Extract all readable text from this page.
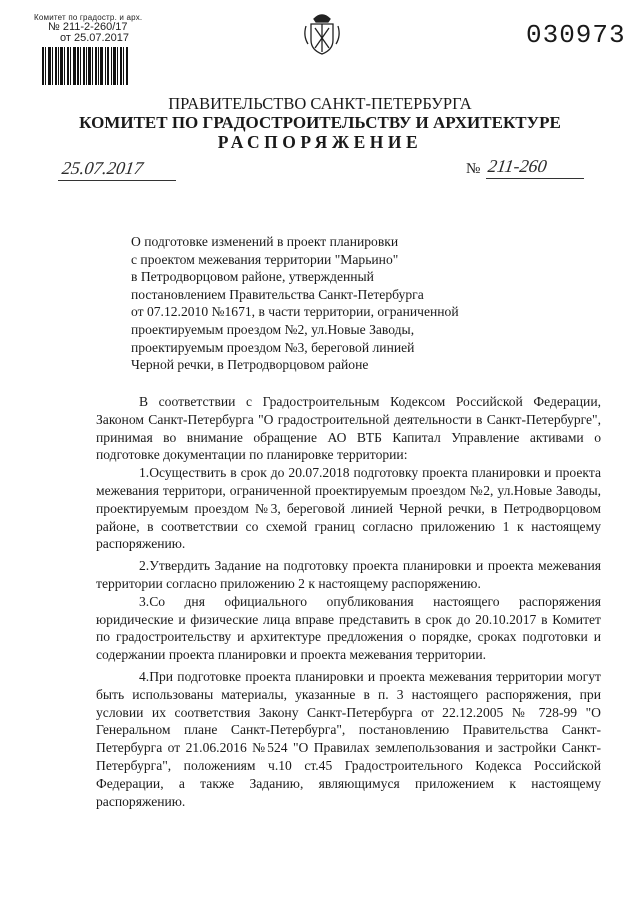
Комитет по градостр. и арх.
№ 211-2-260/17
от 25.07.2017	030973
ПРАВИТЕЛЬСТВО САНКТ-ПЕТЕРБУРГА
КОМИТЕТ ПО ГРАДОСТРОИТЕЛЬСТВУ И АРХИТЕКТУРЕ
РАСПОРЯЖЕНИЕ
25.07.2017	№ 211-260
О подготовке изменений в проект планировки
с проектом межевания территории "Марьино"
в Петродворцовом районе, утвержденный
постановлением Правительства Санкт-Петербурга
от 07.12.2010 №1671, в части территории, ограниченной
проектируемым проездом №2, ул.Новые Заводы,
проектируемым проездом №3, береговой линией
Черной речки, в Петродворцовом районе

В соответствии с Градостроительным Кодексом Российской Федерации, Законом Санкт-Петербурга "О градостроительной деятельности в Санкт-Петербурге", принимая во внимание обращение АО ВТБ Капитал Управление активами о подготовке документации по планировке территории:

1.Осуществить в срок до 20.07.2018 подготовку проекта планировки и проекта межевания территори, ограниченной проектируемым проездом №2, ул.Новые Заводы, проектируемым проездом №3, береговой линией Черной речки, в Петродворцовом районе, в соответствии со схемой границ согласно приложению 1 к настоящему распоряжению.

2.Утвердить Задание на подготовку проекта планировки и проекта межевания территории согласно приложению 2 к настоящему распоряжению.

3.Со дня официального опубликования настоящего распоряжения юридические и физические лица вправе представить в срок до 20.10.2017 в Комитет по градостроительству и архитектуре предложения о порядке, сроках подготовки и содержании проекта планировки и проекта межевания территории.

4.При подготовке проекта планировки и проекта межевания территории могут быть использованы материалы, указанные в п. 3 настоящего распоряжения, при условии их соответствия Закону Санкт-Петербурга от 22.12.2005 № 728-99 "О Генеральном плане Санкт-Петербурга", постановлению Правительства Санкт-Петербурга от 21.06.2016 №524 "О Правилах землепользования и застройки Санкт-Петербурга", положениям ч.10 ст.45 Градостроительного Кодекса Российской Федерации, а также Заданию, являющимуся приложением к настоящему распоряжению.
